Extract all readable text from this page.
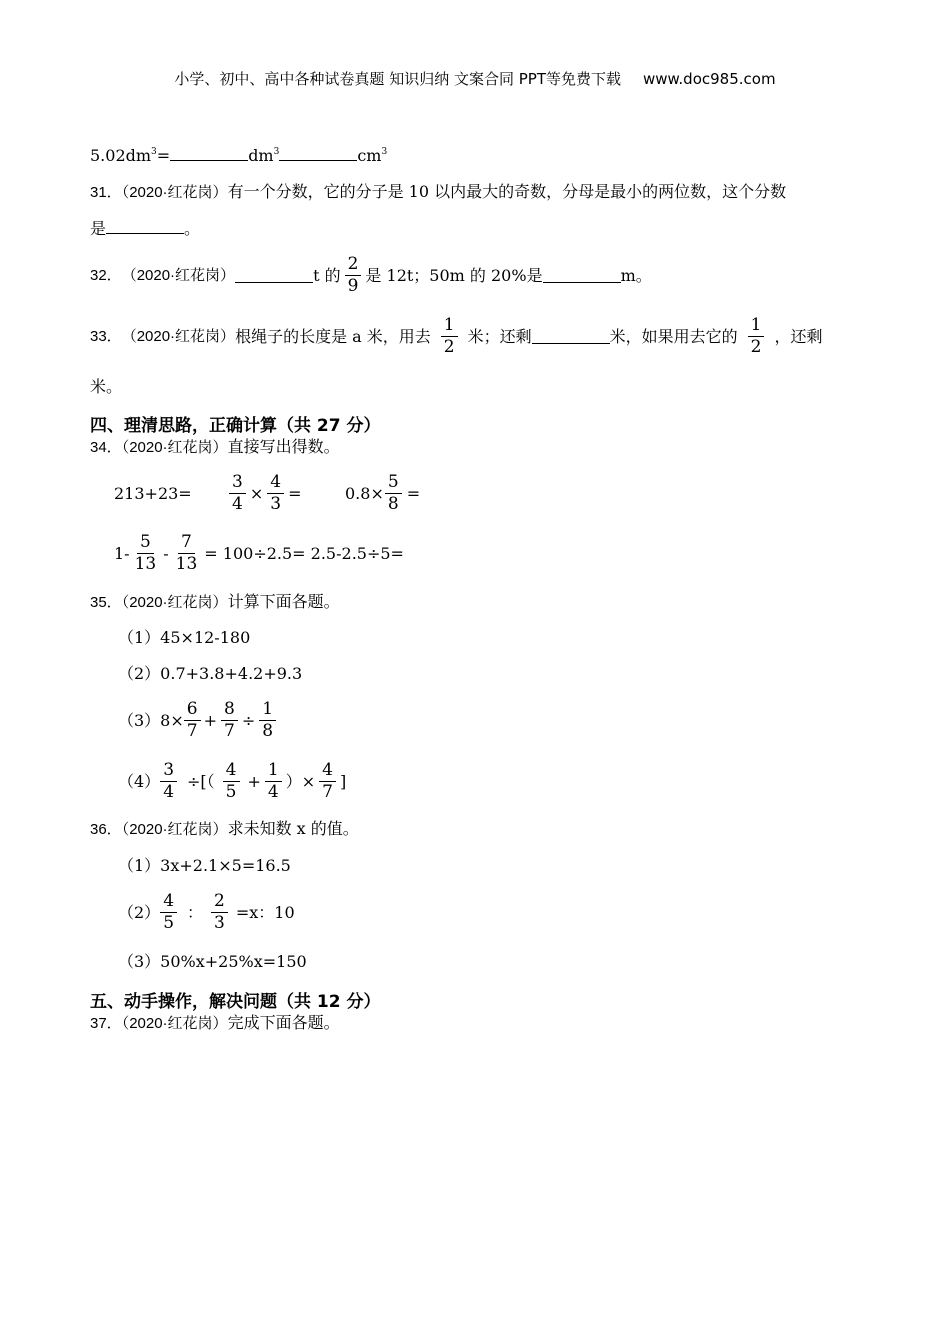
小学、初中、高中各种试卷真题 知识归纳 文案合同 PPT等免费下载 www.doc985.com
$5.02dm^3=$	$dm^3$	$cm^3$
31．（2020·红花岗）有一个分数，它的分子是 10 以内最大的奇数，分母是最小的两位数，这个分数
是	。
32． （2020·红花岗）	t 的 $\frac{2}{9}$ 是 12t；50m 的 20%是	m。
33． （2020·红花岗） 根绳子的长度是 a 米，用去 $\frac{1}{2}$ 米；还剩	米，如果用去它的 $\frac{1}{2}$ ，还剩
米。
四、理清思路，正确计算（共 27 分）
34．（2020·红花岗）直接写出得数。
$213+23= \frac{3}{4} \times \frac{4}{3}$ =	$0.8\times \frac{5}{8}$ =
$1- \frac{5}{13} - \frac{7}{13} = 100\div 2.5= 2.5-2.5\div 5=$
35．（2020·红花岗）计算下面各题。
（1）45×12-180
（2）0.7+3.8+4.2+9.3
$(3)8\times \frac{6}{7} + \frac{8}{7} \div \frac{1}{8}$
$(4) \frac{3}{4}$ ÷[（ $\frac{4}{5} + \frac{1}{4}$ ）× $\frac{4}{7}$ ]
36．（2020·红花岗）求未知数 x 的值。
（1）3x+2.1×5=16.5
$(2) \frac{4}{5}$ ： $\frac{2}{3} =x$：10
（3）50%x+25%x=150
五、动手操作，解决问题（共 12 分）
37．（2020·红花岗）完成下面各题。
